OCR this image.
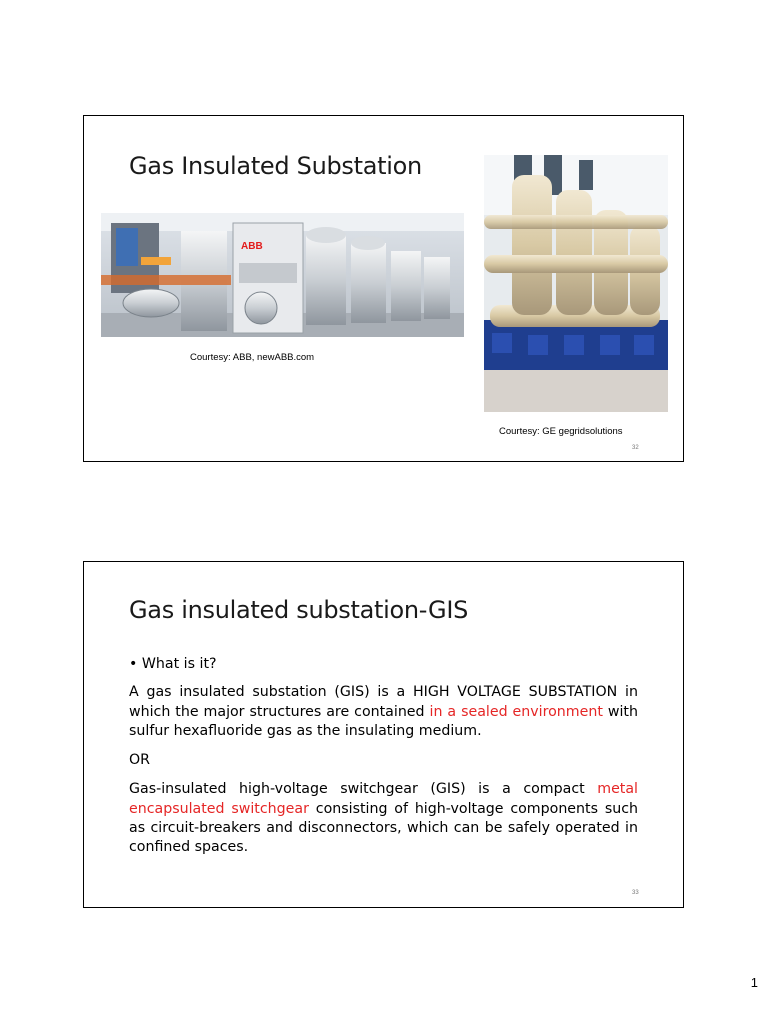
Gas Insulated Substation
ABB
Courtesy: ABB, newABB.com
Courtesy: GE gegridsolutions
32
Gas insulated substation-GIS
• What is it?

A gas insulated substation (GIS) is a HIGH VOLTAGE SUBSTATION in which the major structures are contained in a sealed environment with sulfur hexafluoride gas as the insulating medium.

OR

Gas-insulated high-voltage switchgear (GIS) is a compact metal encapsulated switchgear consisting of high-voltage components such as circuit-breakers and disconnectors, which can be safely operated in confined spaces.

33
1
